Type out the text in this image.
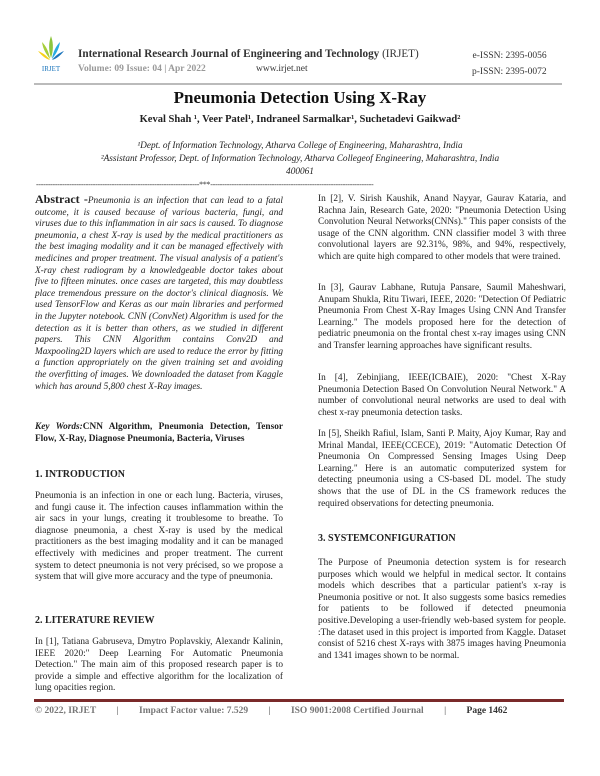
IRJET
International Research Journal of Engineering and Technology (IRJET)
Volume: 09 Issue: 04 | Apr 2022	www.irjet.net
e-ISSN: 2395-0056
p-ISSN: 2395-0072
Pneumonia Detection Using X-Ray
Keval Shah ¹, Veer Patel¹, Indraneel Sarmalkar¹, Suchetadevi Gaikwad²
¹Dept. of Information Technology, Atharva College of Engineering, Maharashtra, India
²Assistant Professor, Dept. of Information Technology, Atharva Collegeof Engineering, Maharashtra, India
400061
---------------------------------------------------------------------***---------------------------------------------------------------------
Abstract -Pneumonia is an infection that can lead to a fatal outcome, it is caused because of various bacteria, fungi, and viruses due to this inflammation in air sacs is caused. To diagnose pneumonia, a chest X-ray is used by the medical practitioners as the best imaging modality and it can be managed effectively with medicines and proper treatment. The visual analysis of a patient's X-ray chest radiogram by a knowledgeable doctor takes about five to fifteen minutes. once cases are targeted, this may doubtless place tremendous pressure on the doctor's clinical diagnosis. We used TensorFlow and Keras as our main libraries and performed in the Jupyter notebook. CNN (ConvNet) Algorithm is used for the detection as it is better than others, as we studied in different papers. This CNN Algorithm contains Conv2D and Maxpooling2D layers which are used to reduce the error by fitting a function appropriately on the given training set and avoiding the overfitting of images. We downloaded the dataset from Kaggle which has around 5,800 chest X-Ray images.
Key Words:CNN Algorithm, Pneumonia Detection, Tensor Flow, X-Ray, Diagnose Pneumonia, Bacteria, Viruses
1. INTRODUCTION
Pneumonia is an infection in one or each lung. Bacteria, viruses, and fungi cause it. The infection causes inflammation within the air sacs in your lungs, creating it troublesome to breathe. To diagnose pneumonia, a chest X-ray is used by the medical practitioners as the best imaging modality and it can be managed effectively with medicines and proper treatment. The current system to detect pneumonia is not very précised, so we propose a system that will give more accuracy and the type of pneumonia.
2. LITERATURE REVIEW
In [1], Tatiana Gabruseva, Dmytro Poplavskiy, Alexandr Kalinin, IEEE 2020:" Deep Learning For Automatic Pneumonia Detection." The main aim of this proposed research paper is to provide a simple and effective algorithm for the localization of lung opacities region.
In [2], V. Sirish Kaushik, Anand Nayyar, Gaurav Kataria, and Rachna Jain, Research Gate, 2020: "Pneumonia Detection Using Convolution Neural Networks(CNNs)." This paper consists of the usage of the CNN algorithm. CNN classifier model 3 with three convolutional layers are 92.31%, 98%, and 94%, respectively, which are quite high compared to other models that were trained.
In [3], Gaurav Labhane, Rutuja Pansare, Saumil Maheshwari, Anupam Shukla, Ritu Tiwari, IEEE, 2020: "Detection Of Pediatric Pneumonia From Chest X-Ray Images Using CNN And Transfer Learning." The models proposed here for the detection of pediatric pneumonia on the frontal chest x-ray images using CNN and Transfer learning approaches have significant results.
In [4], Zebinjiang, IEEE(ICBAIE), 2020: "Chest X-Ray Pneumonia Detection Based On Convolution Neural Network." A number of convolutional neural networks are used to deal with chest x-ray pneumonia detection tasks.
In [5], Sheikh Rafiul, Islam, Santi P. Maity, Ajoy Kumar, Ray and Mrinal Mandal, IEEE(CCECE), 2019: "Automatic Detection Of Pneumonia On Compressed Sensing Images Using Deep Learning." Here is an automatic computerized system for detecting pneumonia using a CS-based DL model. The study shows that the use of DL in the CS framework reduces the required observations for detecting pneumonia.
3. SYSTEMCONFIGURATION
The Purpose of Pneumonia detection system is for research purposes which would we helpful in medical sector. It contains models which describes that a particular patient's x-ray is Pneumonia positive or not. It also suggests some basics remedies for patients to be followed if detected pneumonia positive.Developing a user-friendly web-based system for people. :The dataset used in this project is imported from Kaggle. Dataset consist of 5216 chest X-rays with 3875 images having Pneumonia and 1341 images shown to be normal.
© 2022, IRJET | Impact Factor value: 7.529 | ISO 9001:2008 Certified Journal | Page 1462
